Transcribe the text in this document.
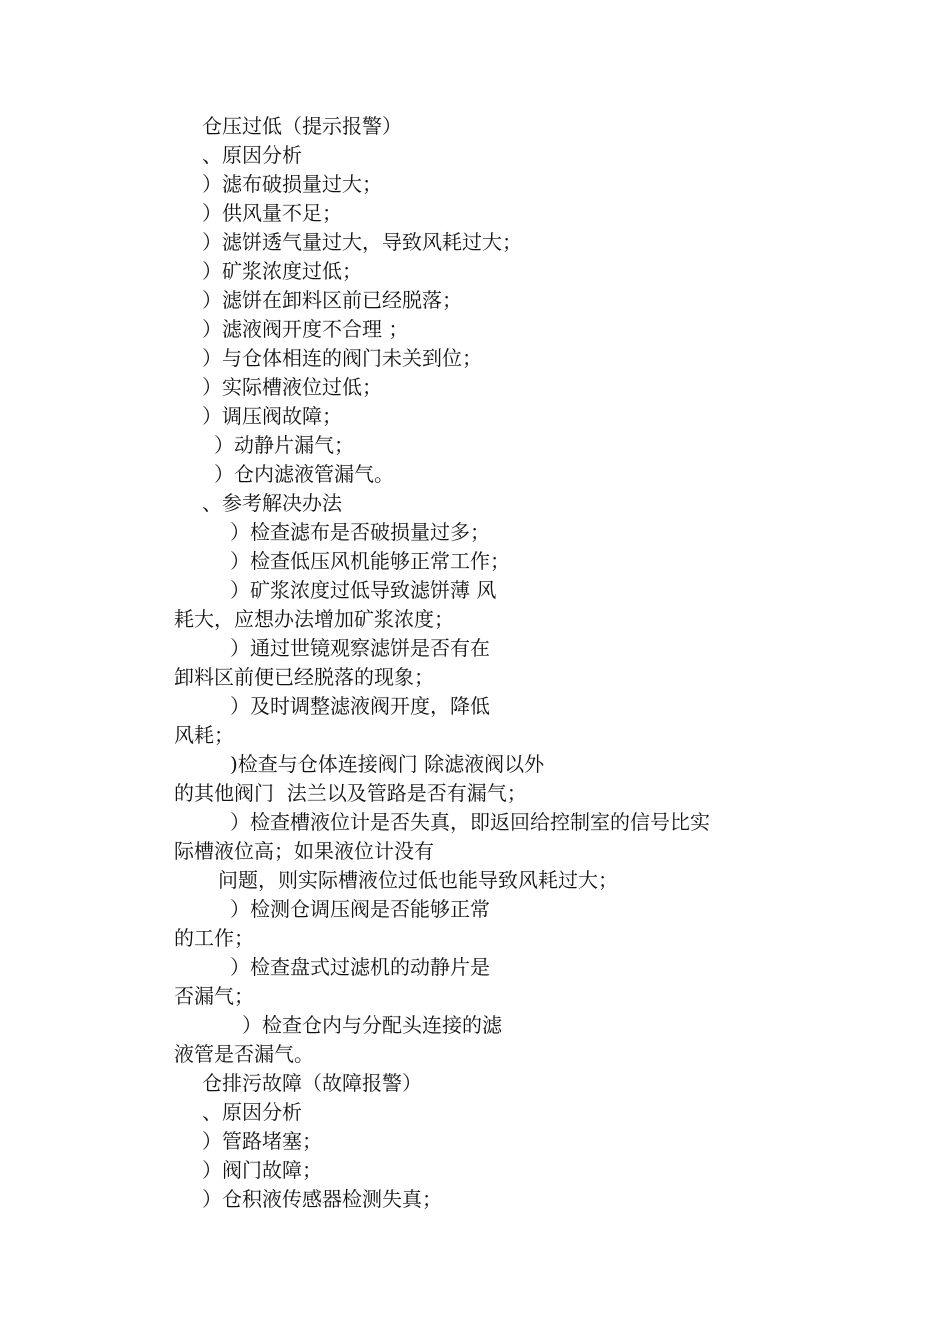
仓压过低（提示报警）
、原因分析
）滤布破损量过大；
）供风量不足；
）滤饼透气量过大，导致风耗过大；
）矿浆浓度过低；
）滤饼在卸料区前已经脱落；
）滤液阀开度不合理 ；
）与仓体相连的阀门未关到位；
）实际槽液位过低；
）调压阀故障；
）动静片漏气；
）仓内滤液管漏气。
、参考解决办法
）检查滤布是否破损量过多；
）检查低压风机能够正常工作；
）矿浆浓度过低导致滤饼薄 风
耗大，应想办法增加矿浆浓度；
）通过世镜观察滤饼是否有在
卸料区前便已经脱落的现象；
）及时调整滤液阀开度，降低
风耗；
)检查与仓体连接阀门 除滤液阀以外
的其他阀门  法兰以及管路是否有漏气；
）检查槽液位计是否失真，即返回给控制室的信号比实
际槽液位高；如果液位计没有
问题，则实际槽液位过低也能导致风耗过大；
）检测仓调压阀是否能够正常
的工作；
）检查盘式过滤机的动静片是
否漏气；
）检查仓内与分配头连接的滤
液管是否漏气。
仓排污故障（故障报警）
、原因分析
）管路堵塞；
）阀门故障；
）仓积液传感器检测失真；
